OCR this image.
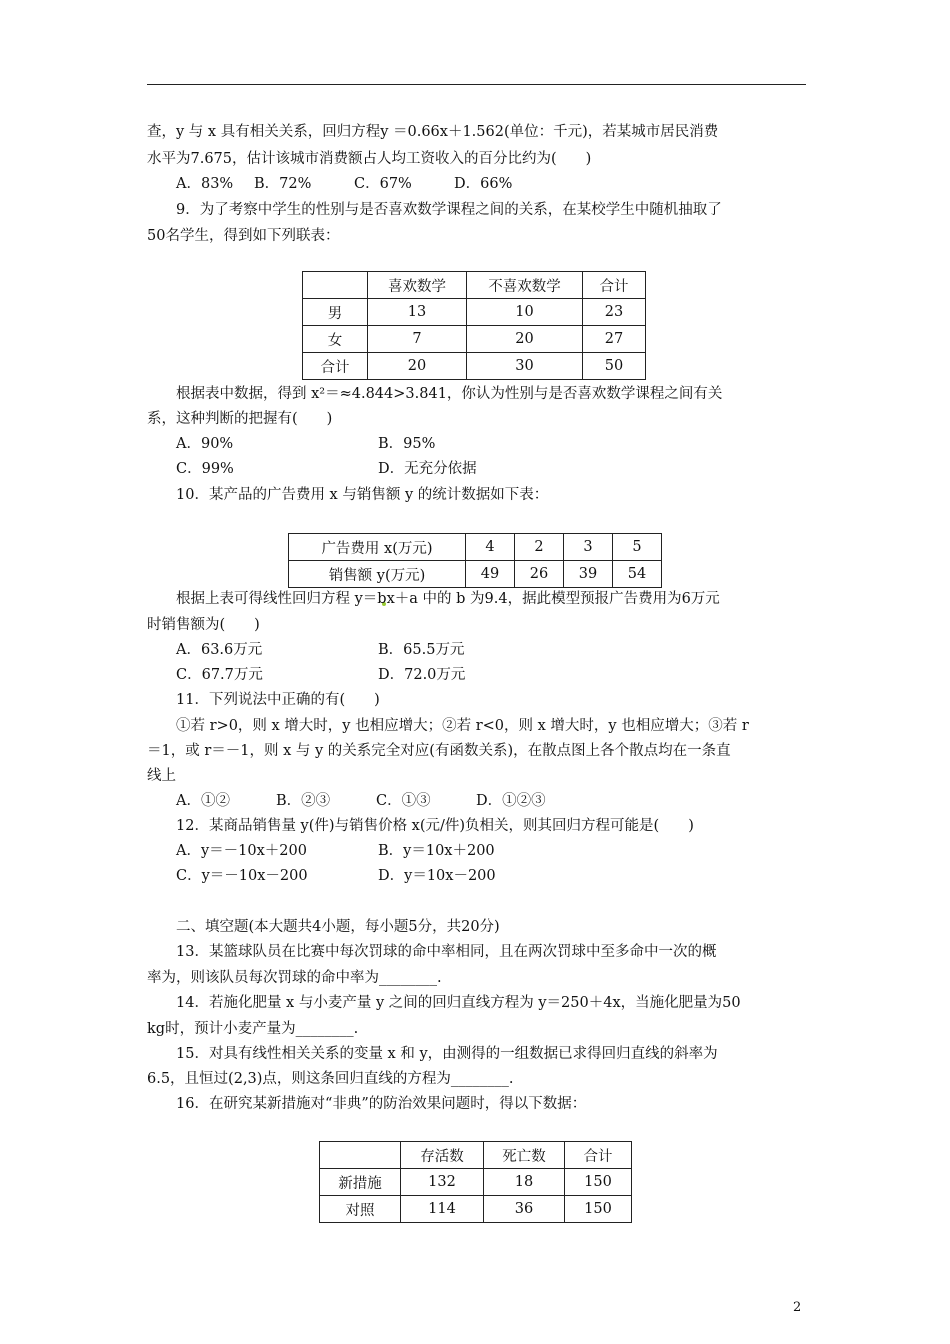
查，y 与 x 具有相关关系，回归方程y ＝0.66x＋1.562(单位：千元)，若某城市居民消费
水平为7.675，估计该城市消费额占人均工资收入的百分比约为(　　)
A．83% B．72%	C．67%	D．66%
9．为了考察中学生的性别与是否喜欢数学课程之间的关系，在某校学生中随机抽取了
50名学生，得到如下列联表：
	喜欢数学	不喜欢数学	合计
男	13	10	23
女	7	20	27
合计	20	30	50
根据表中数据，得到 x²＝≈4.844>3.841，你认为性别与是否喜欢数学课程之间有关
系，这种判断的把握有(　　)
A．90%	B．95%
C．99%	D．无充分依据
10．某产品的广告费用 x 与销售额 y 的统计数据如下表：
广告费用 x(万元)	4	2	3	5
销售额 y(万元)	49	26	39	54
根据上表可得线性回归方程 y＝bx＋a 中的 b 为9.4，据此模型预报广告费用为6万元
时销售额为(　　)
A．63.6万元	B．65.5万元
C．67.7万元	D．72.0万元
11．下列说法中正确的有(　　)
①若 r>0，则 x 增大时，y 也相应增大；②若 r<0，则 x 增大时，y 也相应增大；③若 r
＝1，或 r＝－1，则 x 与 y 的关系完全对应(有函数关系)，在散点图上各个散点均在一条直
线上
A．①②	B．②③	C．①③	D．①②③
12．某商品销售量 y(件)与销售价格 x(元/件)负相关，则其回归方程可能是(　　)
A．y＝－10x＋200	B．y＝10x＋200
C．y＝－10x－200	D．y＝10x－200
二、填空题(本大题共4小题，每小题5分，共20分)
13．某篮球队员在比赛中每次罚球的命中率相同，且在两次罚球中至多命中一次的概
率为，则该队员每次罚球的命中率为________.
14．若施化肥量 x 与小麦产量 y 之间的回归直线方程为 y＝250＋4x，当施化肥量为50
kg时，预计小麦产量为________.
15．对具有线性相关关系的变量 x 和 y，由测得的一组数据已求得回归直线的斜率为
6.5，且恒过(2,3)点，则这条回归直线的方程为________.
16．在研究某新措施对“非典”的防治效果问题时，得以下数据：
	存活数	死亡数	合计
新措施	132	18	150
对照	114	36	150
2
